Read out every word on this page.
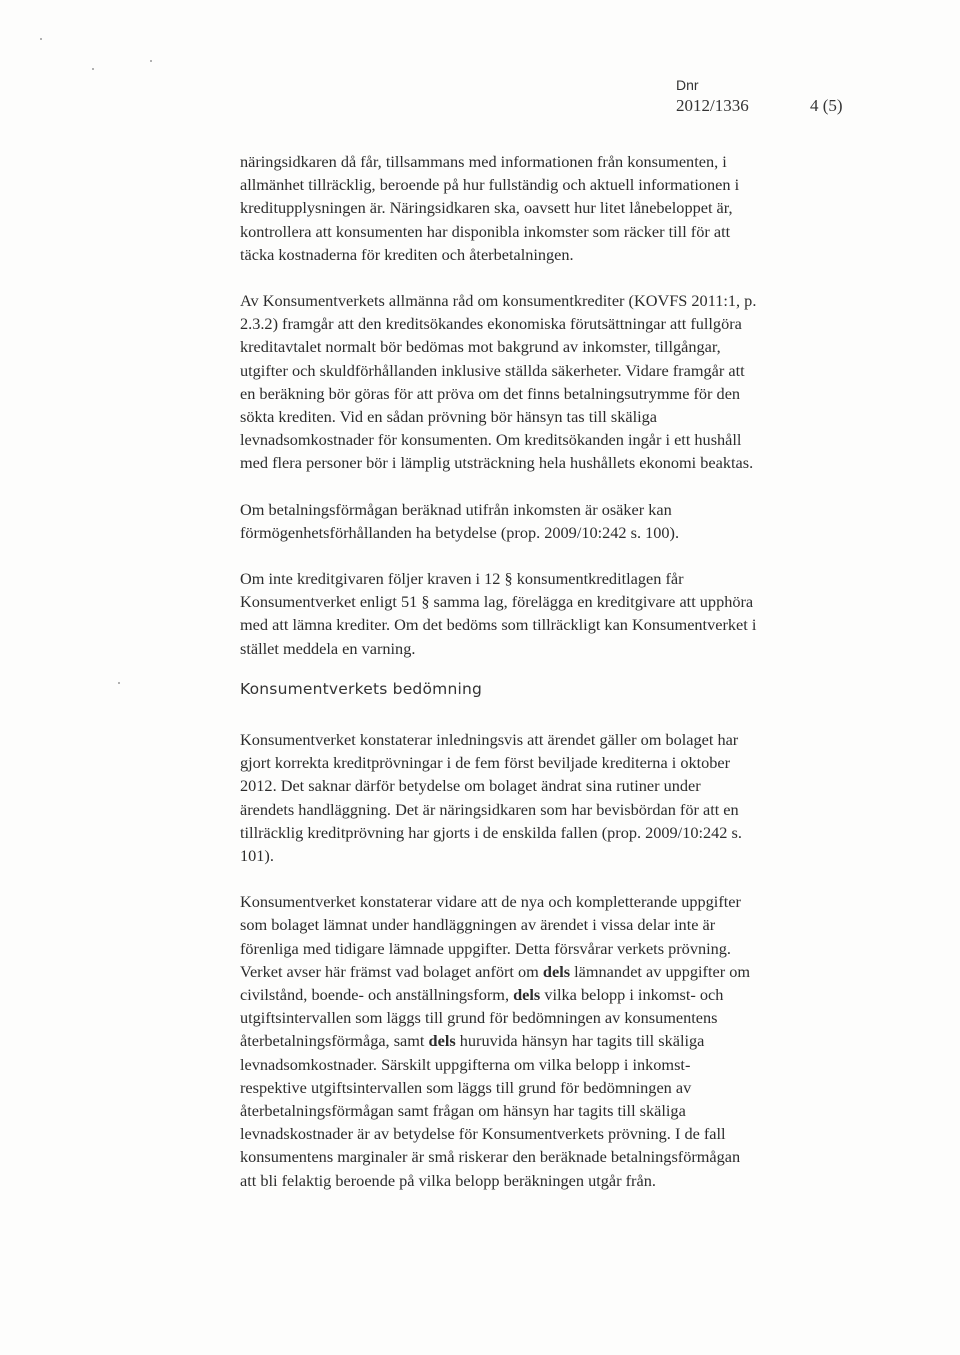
Dnr
2012/1336	4 (5)

näringsidkaren då får, tillsammans med informationen från konsumenten, i
allmänhet tillräcklig, beroende på hur fullständig och aktuell informationen i
kreditupplysningen är. Näringsidkaren ska, oavsett hur litet lånebeloppet är,
kontrollera att konsumenten har disponibla inkomster som räcker till för att
täcka kostnaderna för krediten och återbetalningen.

Av Konsumentverkets allmänna råd om konsumentkrediter (KOVFS 2011:1, p.
2.3.2) framgår att den kreditsökandes ekonomiska förutsättningar att fullgöra
kreditavtalet normalt bör bedömas mot bakgrund av inkomster, tillgångar,
utgifter och skuldförhållanden inklusive ställda säkerheter. Vidare framgår att
en beräkning bör göras för att pröva om det finns betalningsutrymme för den
sökta krediten. Vid en sådan prövning bör hänsyn tas till skäliga
levnadsomkostnader för konsumenten. Om kreditsökanden ingår i ett hushåll
med flera personer bör i lämplig utsträckning hela hushållets ekonomi beaktas.

Om betalningsförmågan beräknad utifrån inkomsten är osäker kan
förmögenhetsförhållanden ha betydelse (prop. 2009/10:242 s. 100).

Om inte kreditgivaren följer kraven i 12 § konsumentkreditlagen får
Konsumentverket enligt 51 § samma lag, förelägga en kreditgivare att upphöra
med att lämna krediter. Om det bedöms som tillräckligt kan Konsumentverket i
stället meddela en varning.

Konsumentverkets bedömning

Konsumentverket konstaterar inledningsvis att ärendet gäller om bolaget har
gjort korrekta kreditprövningar i de fem först beviljade krediterna i oktober
2012. Det saknar därför betydelse om bolaget ändrat sina rutiner under
ärendets handläggning. Det är näringsidkaren som har bevisbördan för att en
tillräcklig kreditprövning har gjorts i de enskilda fallen (prop. 2009/10:242 s.
101).

Konsumentverket konstaterar vidare att de nya och kompletterande uppgifter
som bolaget lämnat under handläggningen av ärendet i vissa delar inte är
förenliga med tidigare lämnade uppgifter. Detta försvårar verkets prövning.
Verket avser här främst vad bolaget anfört om dels lämnandet av uppgifter om
civilstånd, boende- och anställningsform, dels vilka belopp i inkomst- och
utgiftsintervallen som läggs till grund för bedömningen av konsumentens
återbetalningsförmåga, samt dels huruvida hänsyn har tagits till skäliga
levnadsomkostnader. Särskilt uppgifterna om vilka belopp i inkomst-
respektive utgiftsintervallen som läggs till grund för bedömningen av
återbetalningsförmågan samt frågan om hänsyn har tagits till skäliga
levnadskostnader är av betydelse för Konsumentverkets prövning. I de fall
konsumentens marginaler är små riskerar den beräknade betalningsförmågan
att bli felaktig beroende på vilka belopp beräkningen utgår från.
